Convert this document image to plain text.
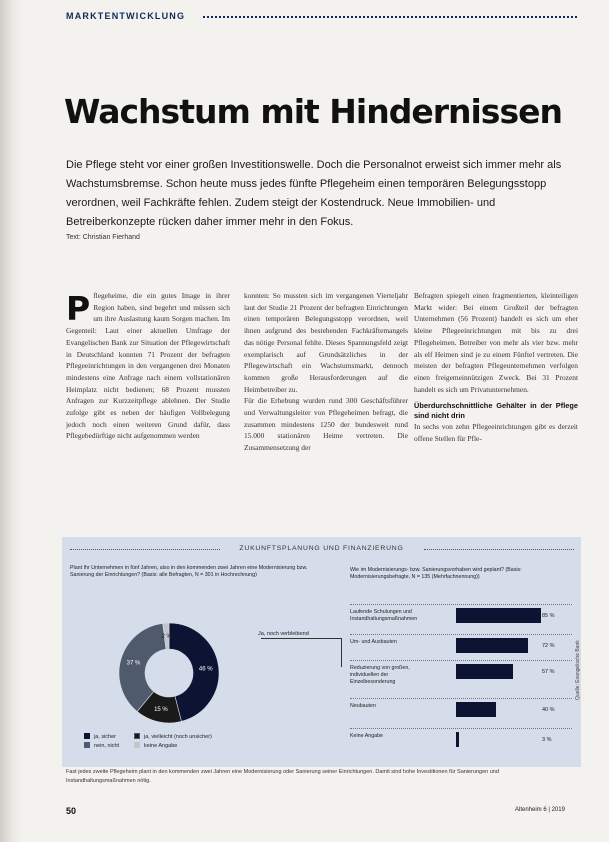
MARKTENTWICKLUNG
Wachstum mit Hindernissen
Die Pflege steht vor einer großen Investitionswelle. Doch die Personalnot erweist sich immer mehr als Wachstumsbremse. Schon heute muss jedes fünfte Pflegeheim einen temporären Belegungsstopp verordnen, weil Fachkräfte fehlen. Zudem steigt der Kostendruck. Neue Immobilien- und Betreiberkonzepte rücken daher immer mehr in den Fokus.
Text: Christian Fierhand
Pflegeheime, die ein gutes Image in ihrer Region haben, sind begehrt und müssen sich um ihre Auslastung kaum Sorgen machen. Im Gegenteil: Laut einer aktuellen Umfrage der Evangelischen Bank zur Situation der Pflegewirtschaft in Deutschland konnten 71 Prozent der befragten Pflegeeinrichtungen in den vergangenen drei Monaten mindestens eine Anfrage nach einem vollstationären Heimplatz nicht bedienen; 68 Prozent mussten Anfragen zur Kurzzeitpflege ablehnen. Der Studie zufolge gibt es neben der häufigen Vollbelegung jedoch noch einen weiteren Grund dafür, dass Pflegebedürftige nicht aufgenommen werden
konnten: So mussten sich im vergangenen Vierteljahr laut der Studie 21 Prozent der befragten Einrichtungen einen temporären Belegungsstopp verordnen, weil ihnen aufgrund des bestehenden Fachkräftemangels das nötige Personal fehlte. Dieses Spannungsfeld zeigt exemplarisch auf Grundsätzliches in der Pflegewirtschaft ein Wachstumsmarkt, dennoch kommen große Herausforderungen auf die Heimbetreiber zu.
Für die Erhebung wurden rund 300 Geschäftsführer und Verwaltungsleiter von Pflegeheimen befragt, die zusammen mindestens 1250 der bundesweit rund 15.000 stationären Heime vertreten. Die Zusammensetzung der
Befragten spiegelt einen fragmentierten, kleinteiligen Markt wider: Bei einem Großteil der befragten Unternehmen (56 Prozent) handelt es sich um eher kleine Pflegeeinrichtungen mit bis zu drei Pflegeheimen. Betreiber von mehr als vier bzw. mehr als elf Heimen sind je zu einem Fünftel vertreten. Die meisten der befragten Pflegeunternehmen verfolgen einen freigemeinnützigen Zweck. Bei 31 Prozent handelt es sich um Privatunternehmen.
Überdurchschnittliche Gehälter in der Pflege sind nicht drin
In sechs von zehn Pflegeeinrichtungen gibt es derzeit offene Stellen für Pfle-
ZUKUNFTSPLANUNG UND FINANZIERUNG
Plant Ihr Unternehmen in fünf Jahren, also in den kommenden zwei Jahren eine Modernisierung bzw. Sanierung der Einrichtungen? (Basis: alle Befragten, N = 301 in Hochrechnung)
Wie im Modernisierungs- bzw. Sanierungsvorhaben wird geplant? (Basis: Modernisierungsbefragte, N = 135 (Mehrfachnennung))
46 %
15 %
37 %
2 %
Ja, noch verbleibend
ja, sicher	ja, vielleicht (noch unsicher)
nein, nicht	keine Angabe
Laufende Schulungen und Instandhaltungsmaßnahmen	85 %
Um- und Ausbauten
72 %
Reduzierung von großen, individuellen der Einzelbesonderung
57 %
Neubauten
40 %
Keine Angabe
3 %
Fast jedes zweite Pflegeheim plant in den kommenden zwei Jahren eine Modernisierung oder Sanierung seiner Einrichtungen. Damit sind hohe Investitionen für Sanierungen und Instandhaltungsmaßnahmen nötig.
Quelle: Evangelische Bank
50	Altenheim 6 | 2019
